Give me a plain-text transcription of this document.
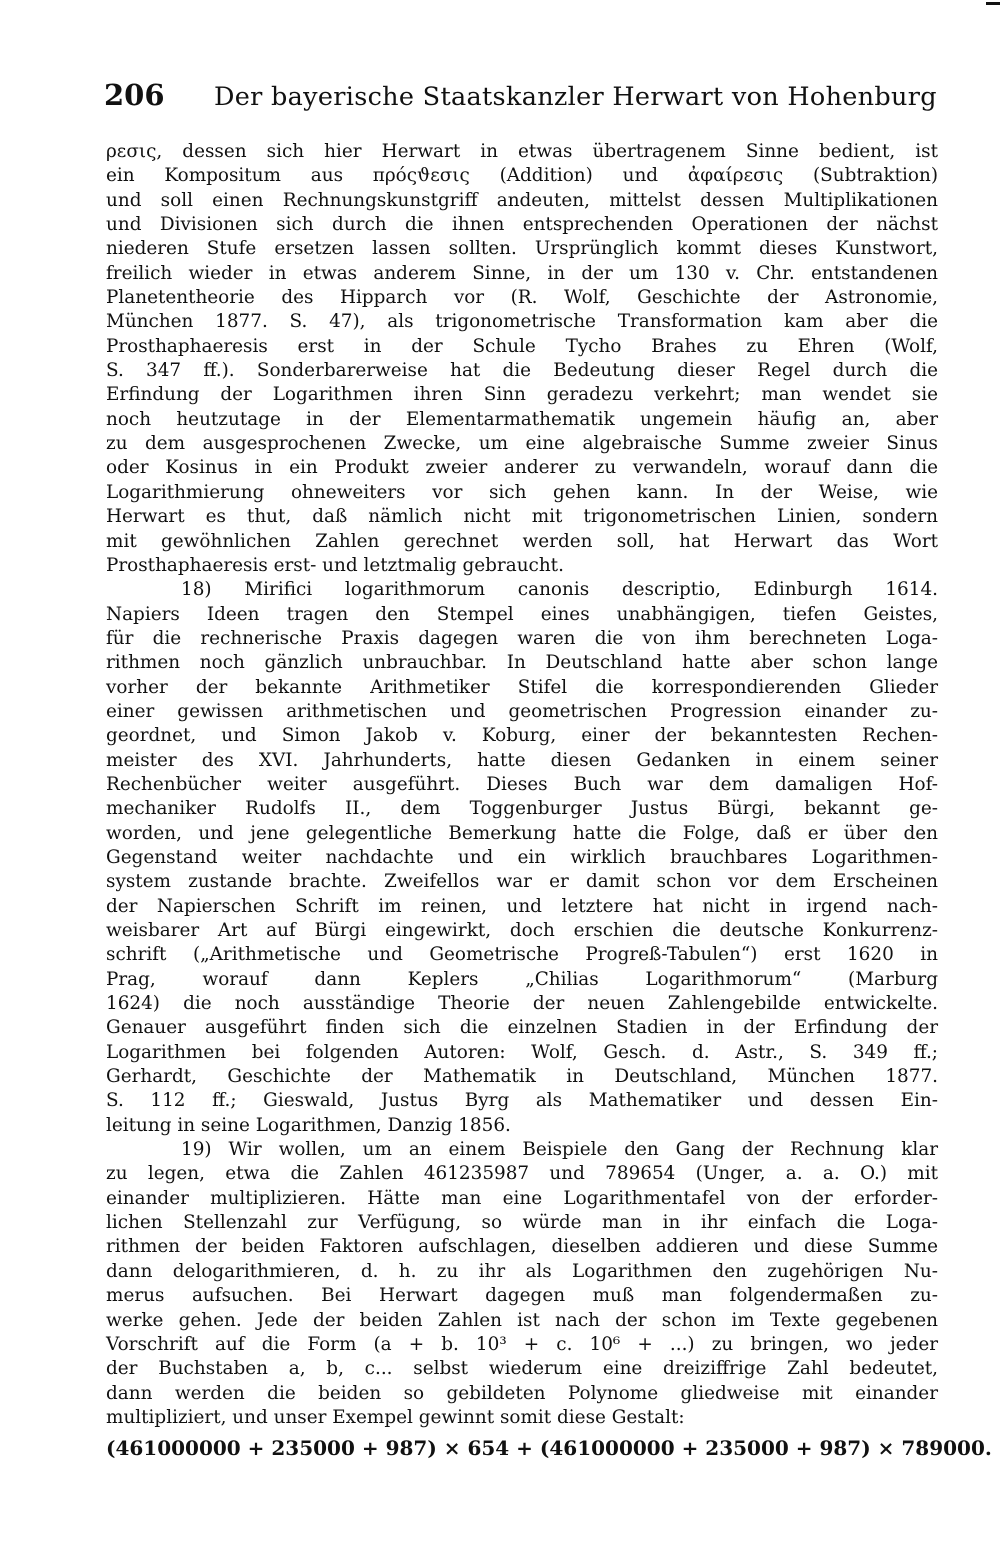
206	Der bayerische Staatskanzler Herwart von Hohenburg
ρεσις, dessen sich hier Herwart in etwas übertragenem Sinne bedient, ist
ein Kompositum aus πρόςϑεσις (Addition) und ἀφαίρεσις (Subtraktion)
und soll einen Rechnungskunstgriff andeuten, mittelst dessen Multiplikationen
und Divisionen sich durch die ihnen entsprechenden Operationen der nächst
niederen Stufe ersetzen lassen sollten. Ursprünglich kommt dieses Kunstwort,
freilich wieder in etwas anderem Sinne, in der um 130 v. Chr. entstandenen
Planetentheorie des Hipparch vor (R. Wolf, Geschichte der Astronomie,
München 1877. S. 47), als trigonometrische Transformation kam aber die
Prosthaphaeresis erst in der Schule Tycho Brahes zu Ehren (Wolf,
S. 347 ff.). Sonderbarerweise hat die Bedeutung dieser Regel durch die
Erfindung der Logarithmen ihren Sinn geradezu verkehrt; man wendet sie
noch heutzutage in der Elementarmathematik ungemein häufig an, aber
zu dem ausgesprochenen Zwecke, um eine algebraische Summe zweier Sinus
oder Kosinus in ein Produkt zweier anderer zu verwandeln, worauf dann die
Logarithmierung ohneweiters vor sich gehen kann. In der Weise, wie
Herwart es thut, daß nämlich nicht mit trigonometrischen Linien, sondern
mit gewöhnlichen Zahlen gerechnet werden soll, hat Herwart das Wort
Prosthaphaeresis erst- und letztmalig gebraucht.
18) Mirifici logarithmorum canonis descriptio, Edinburgh 1614.
Napiers Ideen tragen den Stempel eines unabhängigen, tiefen Geistes,
für die rechnerische Praxis dagegen waren die von ihm berechneten Loga-
rithmen noch gänzlich unbrauchbar. In Deutschland hatte aber schon lange
vorher der bekannte Arithmetiker Stifel die korrespondierenden Glieder
einer gewissen arithmetischen und geometrischen Progression einander zu-
geordnet, und Simon Jakob v. Koburg, einer der bekanntesten Rechen-
meister des XVI. Jahrhunderts, hatte diesen Gedanken in einem seiner
Rechenbücher weiter ausgeführt. Dieses Buch war dem damaligen Hof-
mechaniker Rudolfs II., dem Toggenburger Justus Bürgi, bekannt ge-
worden, und jene gelegentliche Bemerkung hatte die Folge, daß er über den
Gegenstand weiter nachdachte und ein wirklich brauchbares Logarithmen-
system zustande brachte. Zweifellos war er damit schon vor dem Erscheinen
der Napierschen Schrift im reinen, und letztere hat nicht in irgend nach-
weisbarer Art auf Bürgi eingewirkt, doch erschien die deutsche Konkurrenz-
schrift („Arithmetische und Geometrische Progreß-Tabulen“) erst 1620 in
Prag, worauf dann Keplers „Chilias Logarithmorum“ (Marburg
1624) die noch ausständige Theorie der neuen Zahlengebilde entwickelte.
Genauer ausgeführt finden sich die einzelnen Stadien in der Erfindung der
Logarithmen bei folgenden Autoren: Wolf, Gesch. d. Astr., S. 349 ff.;
Gerhardt, Geschichte der Mathematik in Deutschland, München 1877.
S. 112 ff.; Gieswald, Justus Byrg als Mathematiker und dessen Ein-
leitung in seine Logarithmen, Danzig 1856.
19) Wir wollen, um an einem Beispiele den Gang der Rechnung klar
zu legen, etwa die Zahlen 461235987 und 789654 (Unger, a. a. O.) mit
einander multiplizieren. Hätte man eine Logarithmentafel von der erforder-
lichen Stellenzahl zur Verfügung, so würde man in ihr einfach die Loga-
rithmen der beiden Faktoren aufschlagen, dieselben addieren und diese Summe
dann delogarithmieren, d. h. zu ihr als Logarithmen den zugehörigen Nu-
merus aufsuchen. Bei Herwart dagegen muß man folgendermaßen zu-
werke gehen. Jede der beiden Zahlen ist nach der schon im Texte gegebenen
Vorschrift auf die Form (a + b. 10³ + c. 10⁶ + ...) zu bringen, wo jeder
der Buchstaben a, b, c... selbst wiederum eine dreiziffrige Zahl bedeutet,
dann werden die beiden so gebildeten Polynome gliedweise mit einander
multipliziert, und unser Exempel gewinnt somit diese Gestalt:
(461000000 + 235000 + 987) × 654 + (461000000 + 235000 + 987) × 789000.
